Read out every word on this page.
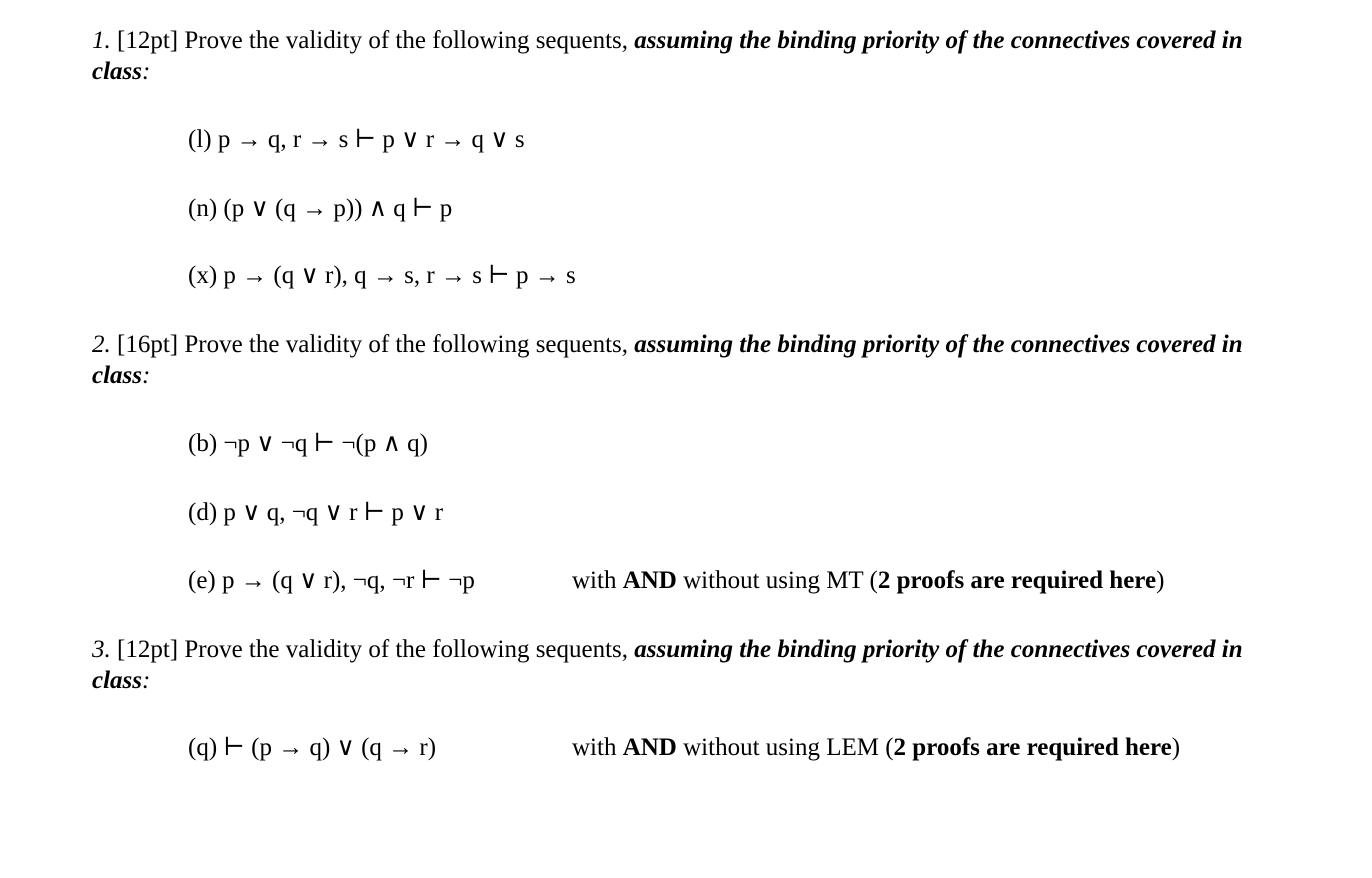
1. [12pt] Prove the validity of the following sequents, assuming the binding priority of the connectives covered in class:
(l) p → q, r → s ⊢ p ∨ r → q ∨ s
(n) (p ∨ (q → p)) ∧ q ⊢ p
(x) p → (q ∨ r), q → s, r → s ⊢ p → s
2. [16pt] Prove the validity of the following sequents, assuming the binding priority of the connectives covered in class:
(b) ¬p ∨ ¬q ⊢ ¬(p ∧ q)
(d) p ∨ q, ¬q ∨ r ⊢ p ∨ r
(e) p → (q ∨ r), ¬q, ¬r ⊢ ¬p	with AND without using MT (2 proofs are required here)
3. [12pt] Prove the validity of the following sequents, assuming the binding priority of the connectives covered in class:
(q) ⊢ (p → q) ∨ (q → r)	with AND without using LEM (2 proofs are required here)
